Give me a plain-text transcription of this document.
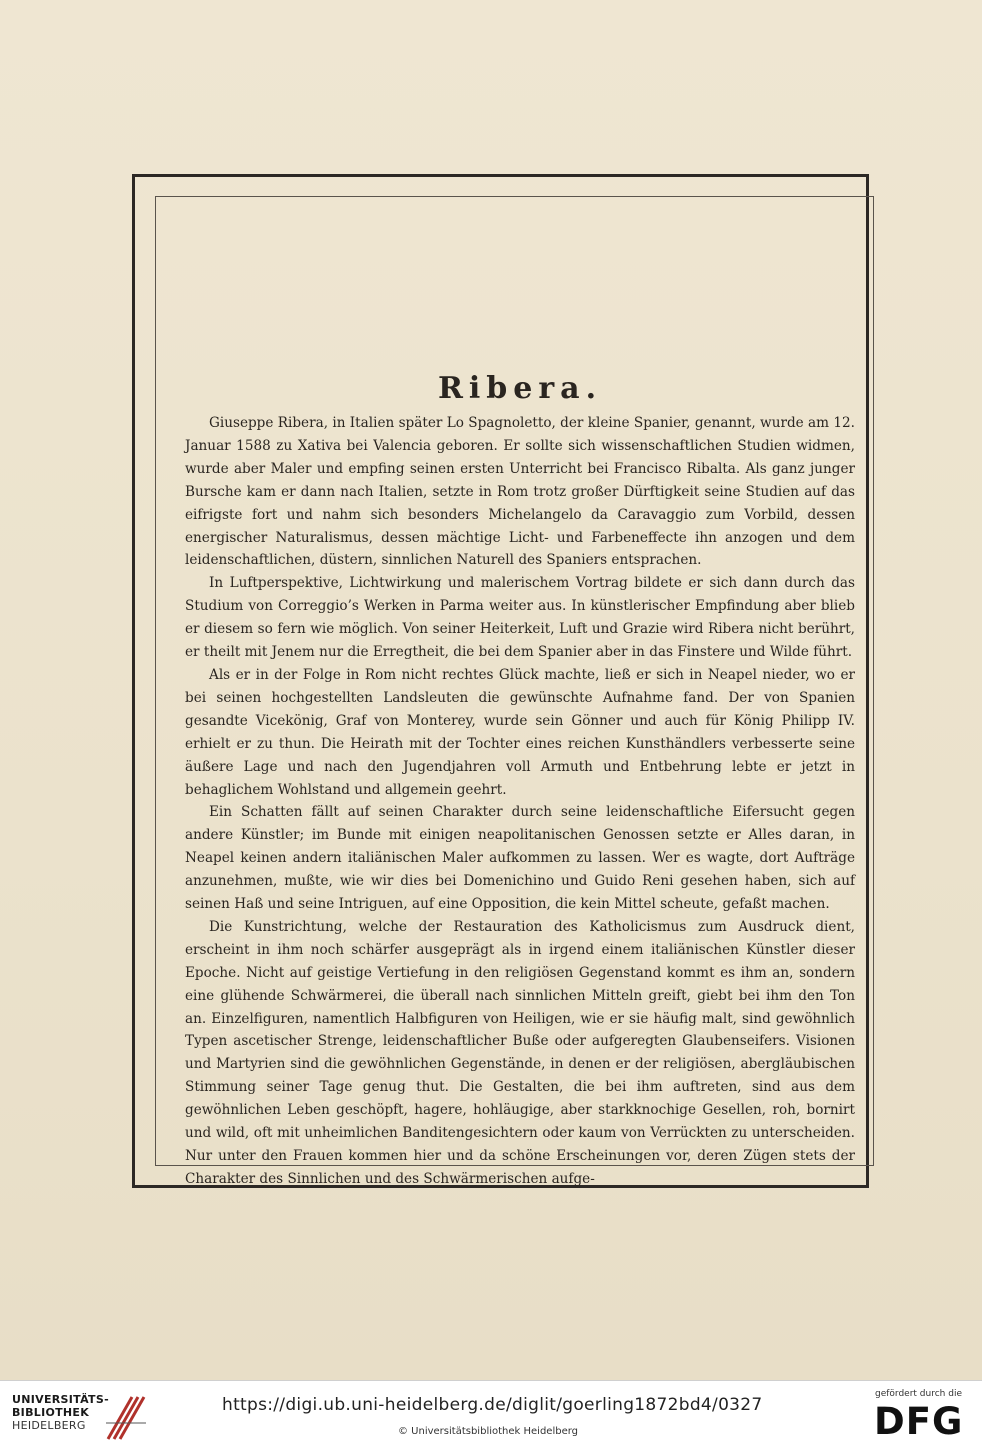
Ribera.

Giuseppe Ribera, in Italien später Lo Spagnoletto, der kleine Spanier, genannt, wurde am 12. Januar 1588 zu Xativa bei Valencia geboren. Er sollte sich wissenschaftlichen Studien widmen, wurde aber Maler und empfing seinen ersten Unterricht bei Francisco Ribalta. Als ganz junger Bursche kam er dann nach Italien, setzte in Rom trotz großer Dürftigkeit seine Studien auf das eifrigste fort und nahm sich besonders Michelangelo da Caravaggio zum Vorbild, dessen energischer Naturalismus, dessen mächtige Licht- und Farbeneffecte ihn anzogen und dem leidenschaftlichen, düstern, sinnlichen Naturell des Spaniers entsprachen.

In Luftperspektive, Lichtwirkung und malerischem Vortrag bildete er sich dann durch das Studium von Correggio’s Werken in Parma weiter aus. In künstlerischer Empfindung aber blieb er diesem so fern wie möglich. Von seiner Heiterkeit, Luft und Grazie wird Ribera nicht berührt, er theilt mit Jenem nur die Erregtheit, die bei dem Spanier aber in das Finstere und Wilde führt.

Als er in der Folge in Rom nicht rechtes Glück machte, ließ er sich in Neapel nieder, wo er bei seinen hochgestellten Landsleuten die gewünschte Aufnahme fand. Der von Spanien gesandte Vicekönig, Graf von Monterey, wurde sein Gönner und auch für König Philipp IV. erhielt er zu thun. Die Heirath mit der Tochter eines reichen Kunsthändlers verbesserte seine äußere Lage und nach den Jugendjahren voll Armuth und Entbehrung lebte er jetzt in behaglichem Wohlstand und allgemein geehrt.

Ein Schatten fällt auf seinen Charakter durch seine leidenschaftliche Eifersucht gegen andere Künstler; im Bunde mit einigen neapolitanischen Genossen setzte er Alles daran, in Neapel keinen andern italiänischen Maler aufkommen zu lassen. Wer es wagte, dort Aufträge anzunehmen, mußte, wie wir dies bei Domenichino und Guido Reni gesehen haben, sich auf seinen Haß und seine Intriguen, auf eine Opposition, die kein Mittel scheute, gefaßt machen.

Die Kunstrichtung, welche der Restauration des Katholicismus zum Ausdruck dient, erscheint in ihm noch schärfer ausgeprägt als in irgend einem italiänischen Künstler dieser Epoche. Nicht auf geistige Vertiefung in den religiösen Gegenstand kommt es ihm an, sondern eine glühende Schwärmerei, die überall nach sinnlichen Mitteln greift, giebt bei ihm den Ton an. Einzelfiguren, namentlich Halbfiguren von Heiligen, wie er sie häufig malt, sind gewöhnlich Typen ascetischer Strenge, leidenschaftlicher Buße oder aufgeregten Glaubenseifers. Visionen und Martyrien sind die gewöhnlichen Gegenstände, in denen er der religiösen, abergläubischen Stimmung seiner Tage genug thut. Die Gestalten, die bei ihm auftreten, sind aus dem gewöhnlichen Leben geschöpft, hagere, hohläugige, aber starkknochige Gesellen, roh, bornirt und wild, oft mit unheimlichen Banditengesichtern oder kaum von Verrückten zu unterscheiden. Nur unter den Frauen kommen hier und da schöne Erscheinungen vor, deren Zügen stets der Charakter des Sinnlichen und des Schwärmerischen aufge-

UNIVERSITÄTS-
BIBLIOTHEK
HEIDELBERG
https://digi.ub.uni-heidelberg.de/diglit/goerling1872bd4/0327
© Universitätsbibliothek Heidelberg
gefördert durch die
DFG
